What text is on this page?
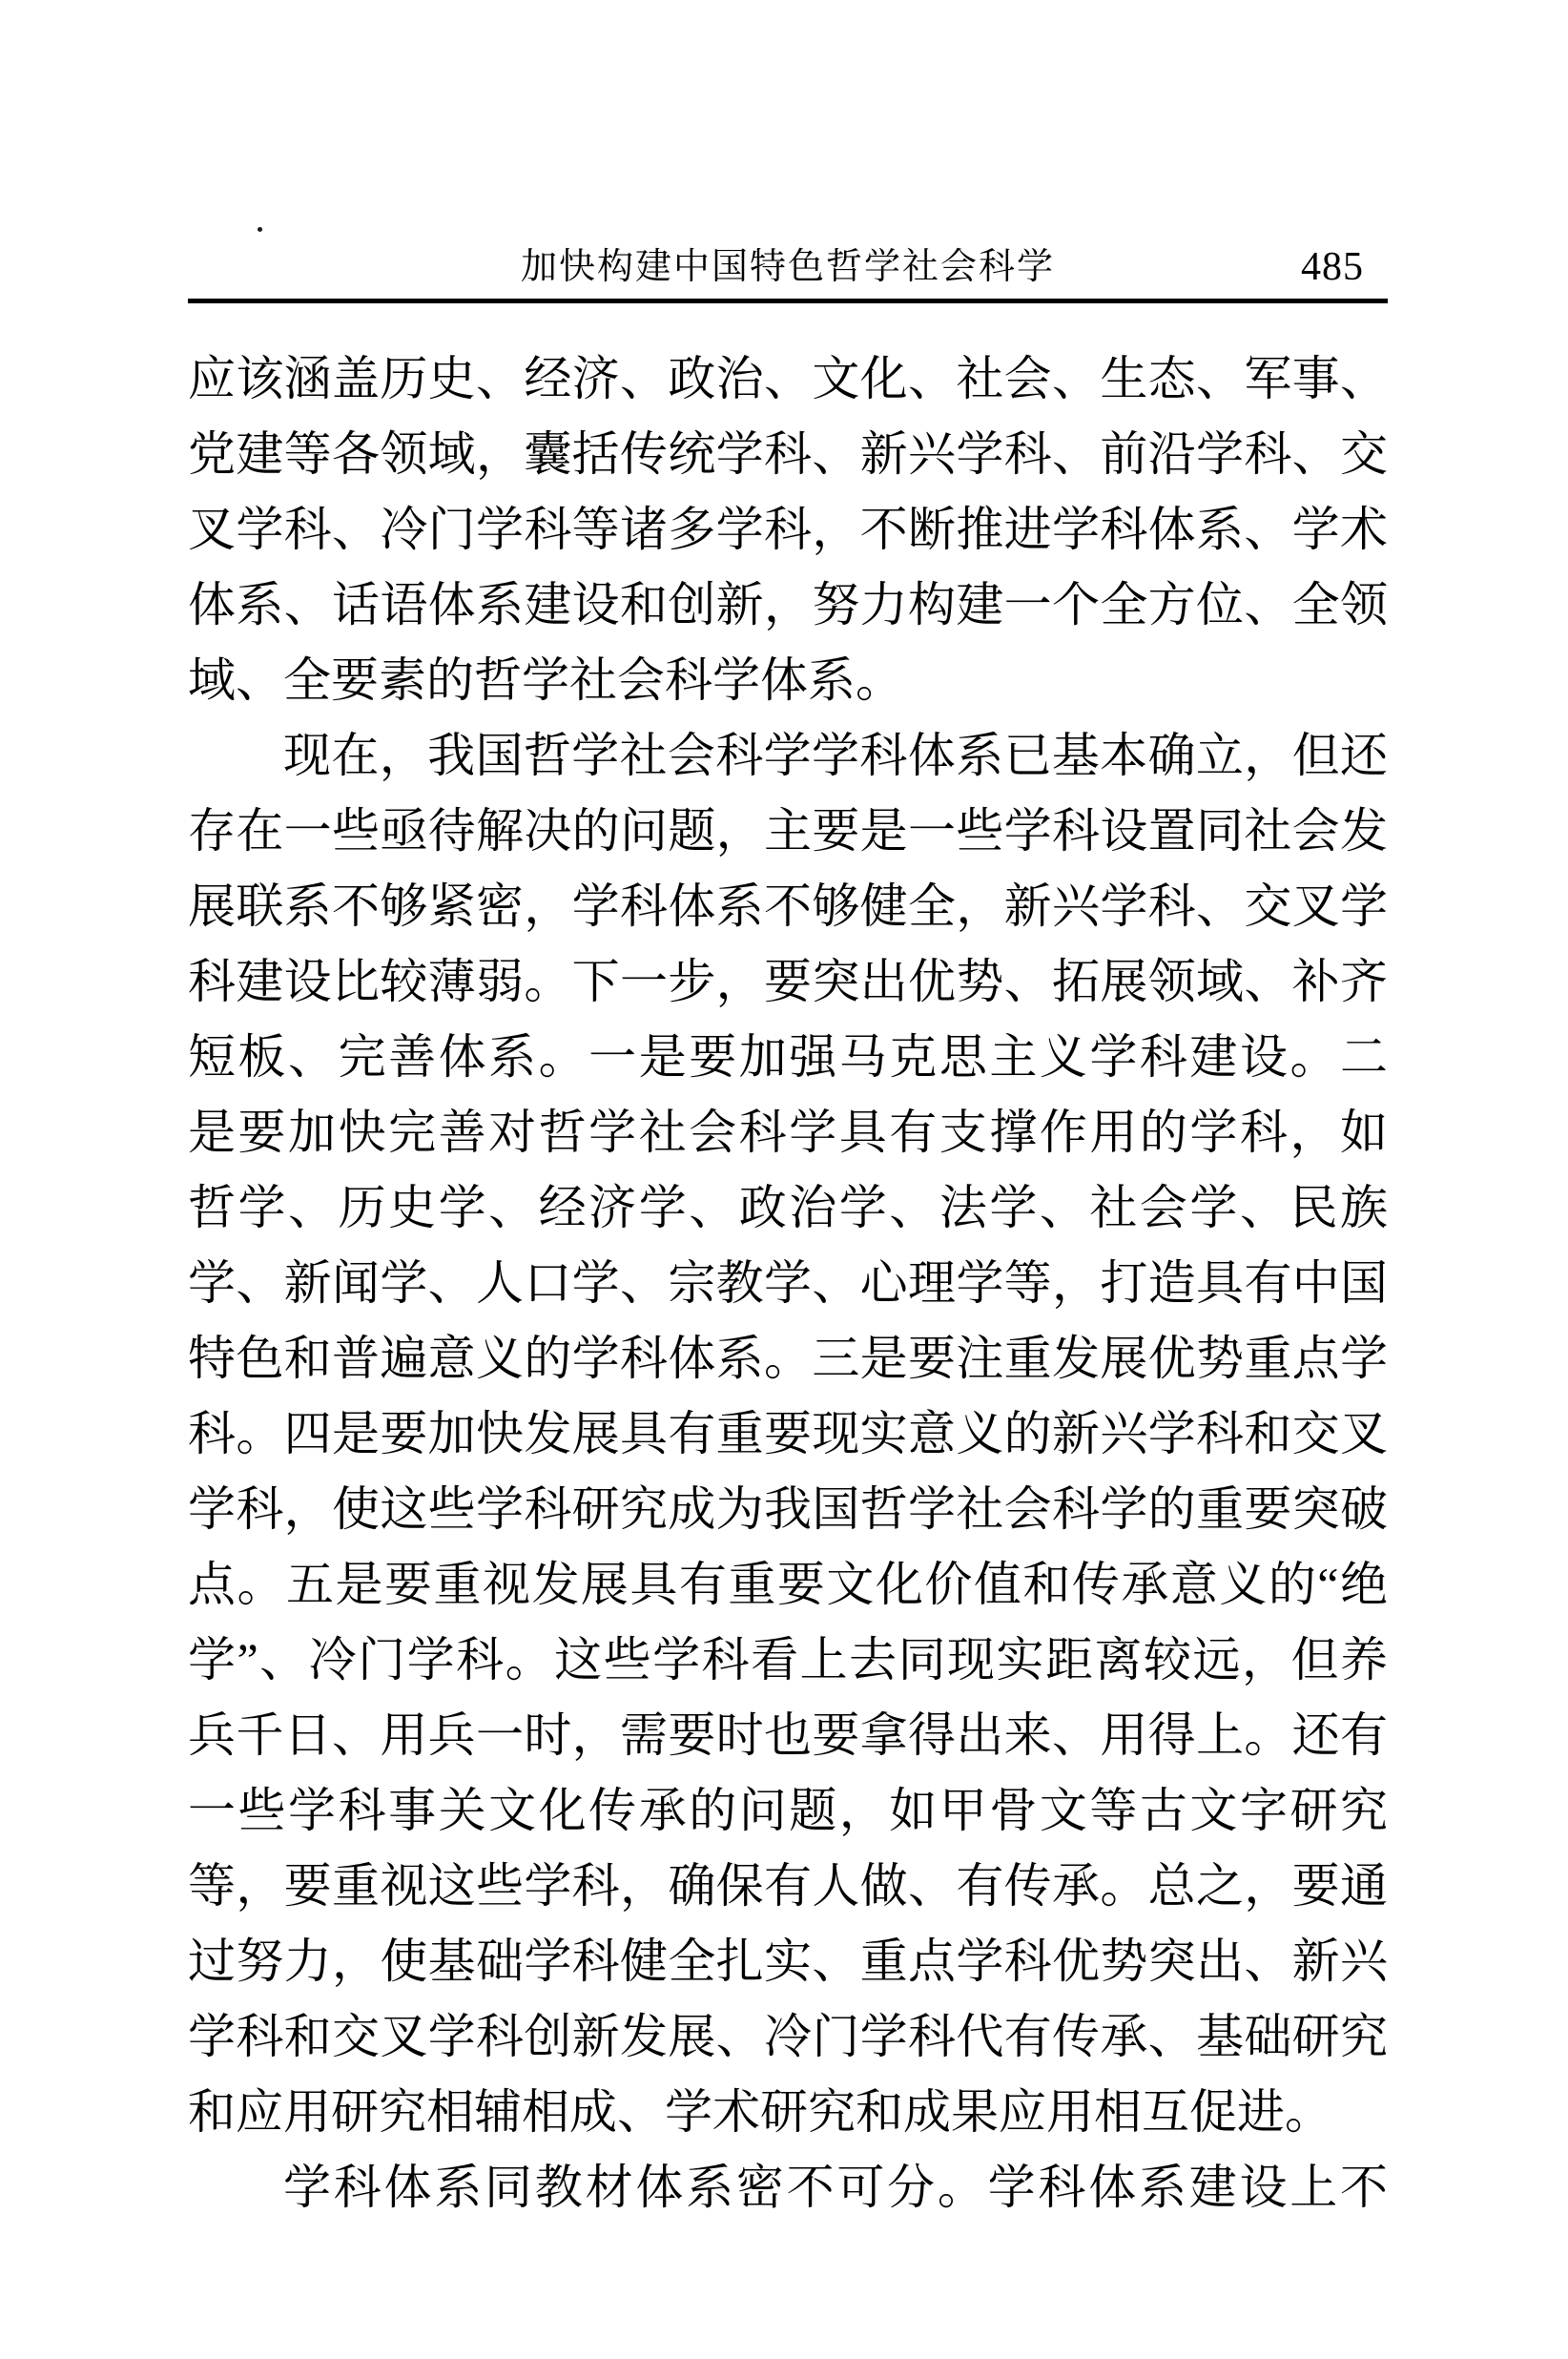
加快构建中国特色哲学社会科学	485
应该涵盖历史、经济、政治、文化、社会、生态、军事、
党建等各领域，囊括传统学科、新兴学科、前沿学科、交
叉学科、冷门学科等诸多学科，不断推进学科体系、学术
体系、话语体系建设和创新，努力构建一个全方位、全领
域、全要素的哲学社会科学体系。
现在，我国哲学社会科学学科体系已基本确立，但还
存在一些亟待解决的问题，主要是一些学科设置同社会发
展联系不够紧密，学科体系不够健全，新兴学科、交叉学
科建设比较薄弱。下一步，要突出优势、拓展领域、补齐
短板、完善体系。一是要加强马克思主义学科建设。二
是要加快完善对哲学社会科学具有支撑作用的学科，如
哲学、历史学、经济学、政治学、法学、社会学、民族
学、新闻学、人口学、宗教学、心理学等，打造具有中国
特色和普遍意义的学科体系。三是要注重发展优势重点学
科。四是要加快发展具有重要现实意义的新兴学科和交叉
学科，使这些学科研究成为我国哲学社会科学的重要突破
点。五是要重视发展具有重要文化价值和传承意义的“绝
学”、冷门学科。这些学科看上去同现实距离较远，但养
兵千日、用兵一时，需要时也要拿得出来、用得上。还有
一些学科事关文化传承的问题，如甲骨文等古文字研究
等，要重视这些学科，确保有人做、有传承。总之，要通
过努力，使基础学科健全扎实、重点学科优势突出、新兴
学科和交叉学科创新发展、冷门学科代有传承、基础研究
和应用研究相辅相成、学术研究和成果应用相互促进。
学科体系同教材体系密不可分。学科体系建设上不
